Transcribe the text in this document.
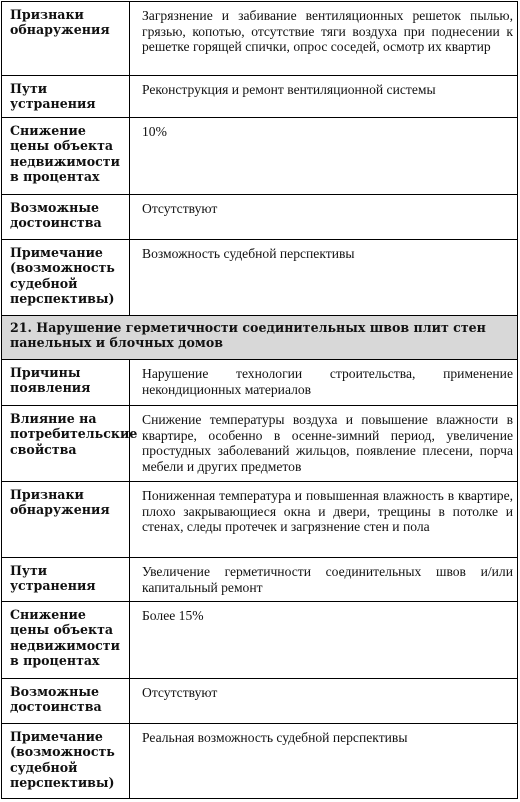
Признаки обнаружения
Загрязнение и забивание вентиляционных решеток пылью, грязью, копотью, отсутствие тяги воздуха при поднесении к решетке горящей спички, опрос соседей, осмотр их квартир
Пути устранения
Реконструкция и ремонт вентиляционной системы
Снижение цены объекта недвижимости в процентах
10%
Возможные достоинства
Отсутствуют
Примечание (возможность судебной перспективы)
Возможность судебной перспективы
21. Нарушение герметичности соединительных швов плит стен панельных и блочных домов
Причины появления
Нарушение технологии строительства, применение некондиционных материалов
Влияние на потребительские свойства
Снижение температуры воздуха и повышение влажности в квартире, особенно в осенне-зимний период, увеличение простудных заболеваний жильцов, появление плесени, порча мебели и других предметов
Признаки обнаружения
Пониженная температура и повышенная влажность в квартире, плохо закрывающиеся окна и двери, трещины в потолке и стенах, следы протечек и загрязнение стен и пола
Пути устранения
Увеличение герметичности соединительных швов и/или капитальный ремонт
Снижение цены объекта недвижимости в процентах
Более 15%
Возможные достоинства
Отсутствуют
Примечание (возможность судебной перспективы)
Реальная возможность судебной перспективы
